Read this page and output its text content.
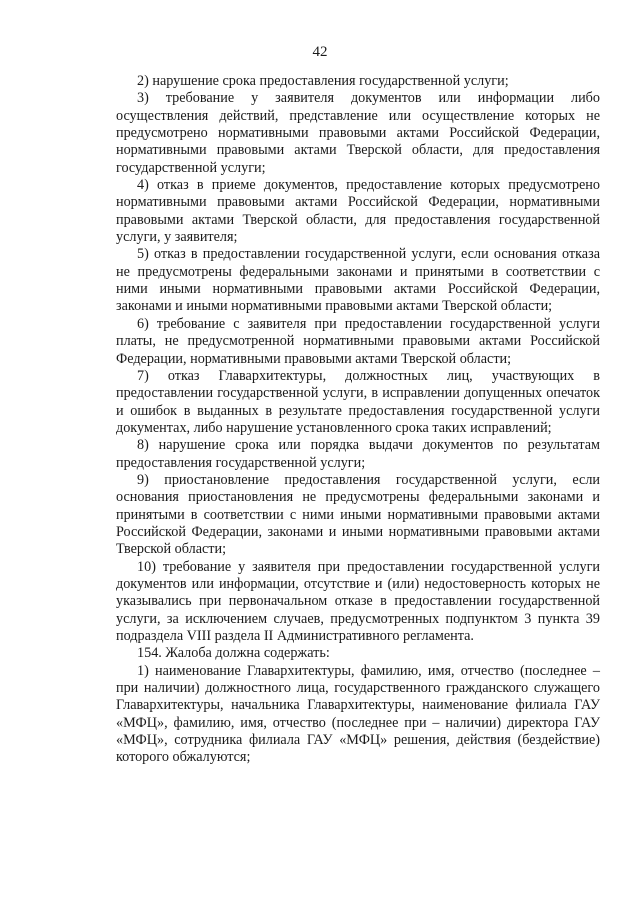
42

2) нарушение срока предоставления государственной услуги;

3) требование у заявителя документов или информации либо осуществления действий, представление или осуществление которых не предусмотрено нормативными правовыми актами Российской Федерации, нормативными правовыми актами Тверской области, для предоставления государственной услуги;

4) отказ в приеме документов, предоставление которых предусмотрено нормативными правовыми актами Российской Федерации, нормативными правовыми актами Тверской области, для предоставления государственной услуги, у заявителя;

5) отказ в предоставлении государственной услуги, если основания отказа не предусмотрены федеральными законами и принятыми в соответствии с ними иными нормативными правовыми актами Российской Федерации, законами и иными нормативными правовыми актами Тверской области;

6) требование с заявителя при предоставлении государственной услуги платы, не предусмотренной нормативными правовыми актами Российской Федерации, нормативными правовыми актами Тверской области;

7) отказ Главархитектуры, должностных лиц, участвующих в предоставлении государственной услуги, в исправлении допущенных опечаток и ошибок в выданных в результате предоставления государственной услуги документах, либо нарушение установленного срока таких исправлений;

8) нарушение срока или порядка выдачи документов по результатам предоставления государственной услуги;

9) приостановление предоставления государственной услуги, если основания приостановления не предусмотрены федеральными законами и принятыми в соответствии с ними иными нормативными правовыми актами Российской Федерации, законами и иными нормативными правовыми актами Тверской области;

10) требование у заявителя при предоставлении государственной услуги документов или информации, отсутствие и (или) недостоверность которых не указывались при первоначальном отказе в предоставлении государственной услуги, за исключением случаев, предусмотренных подпунктом 3 пункта 39 подраздела VIII раздела II Административного регламента.

154. Жалоба должна содержать:

1) наименование Главархитектуры, фамилию, имя, отчество (последнее – при наличии) должностного лица, государственного гражданского служащего Главархитектуры, начальника Главархитектуры, наименование филиала ГАУ «МФЦ», фамилию, имя, отчество (последнее при – наличии) директора ГАУ «МФЦ», сотрудника филиала ГАУ «МФЦ» решения, действия (бездействие) которого обжалуются;
